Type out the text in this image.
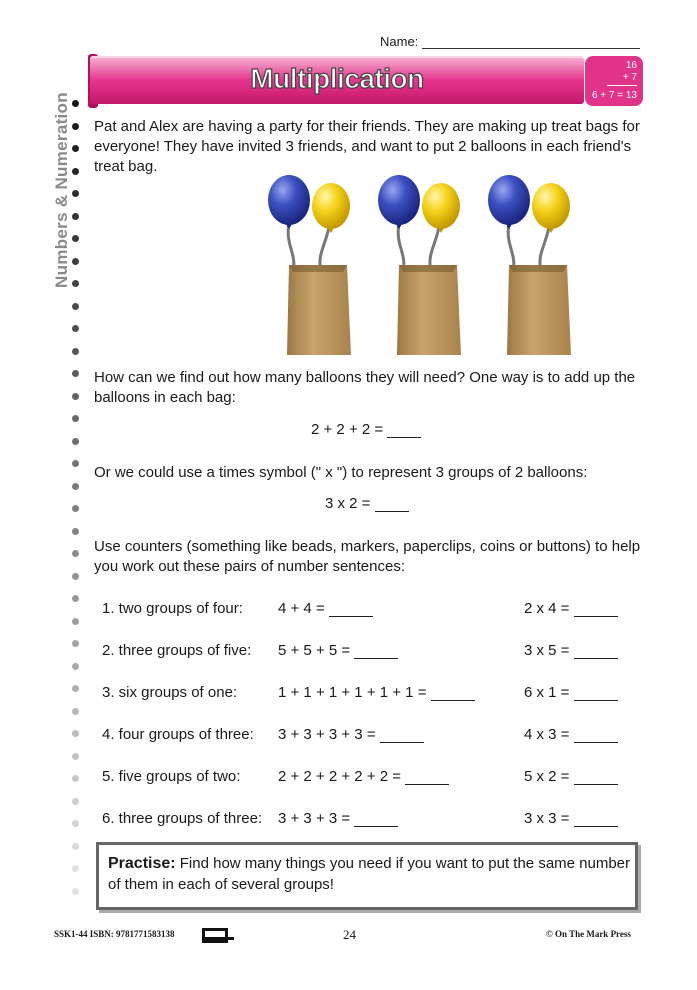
Name:
Numbers & Numeration
Multiplication	16
+ 7
6 + 7 = 13
Pat and Alex are having a party for their friends. They are making up treat bags for everyone! They have invited 3 friends, and want to put 2 balloons in each friend's treat bag.
How can we find out how many balloons they will need? One way is to add up the balloons in each bag:
2 + 2 + 2 =
Or we could use a times symbol (" x ") to represent 3 groups of 2 balloons:
3 x 2 =
Use counters (something like beads, markers, paperclips, coins or buttons) to help you work out these pairs of number sentences:
1. two groups of four: 4 + 4 =	2 x 4 =
2. three groups of five: 5 + 5 + 5 =	3 x 5 =
3. six groups of one:	1 + 1 + 1 + 1 + 1 + 1 =	6 x 1 =
4. four groups of three: 3 + 3 + 3 + 3 =	4 x 3 =
5. five groups of two:	2 + 2 + 2 + 2 + 2 =	5 x 2 =
6. three groups of three: 3 + 3 + 3 =	3 x 3 =

Practise: Find how many things you need if you want to put the same number of them in each of several groups!

SSK1-44 ISBN: 9781771583138	24	© On The Mark Press
